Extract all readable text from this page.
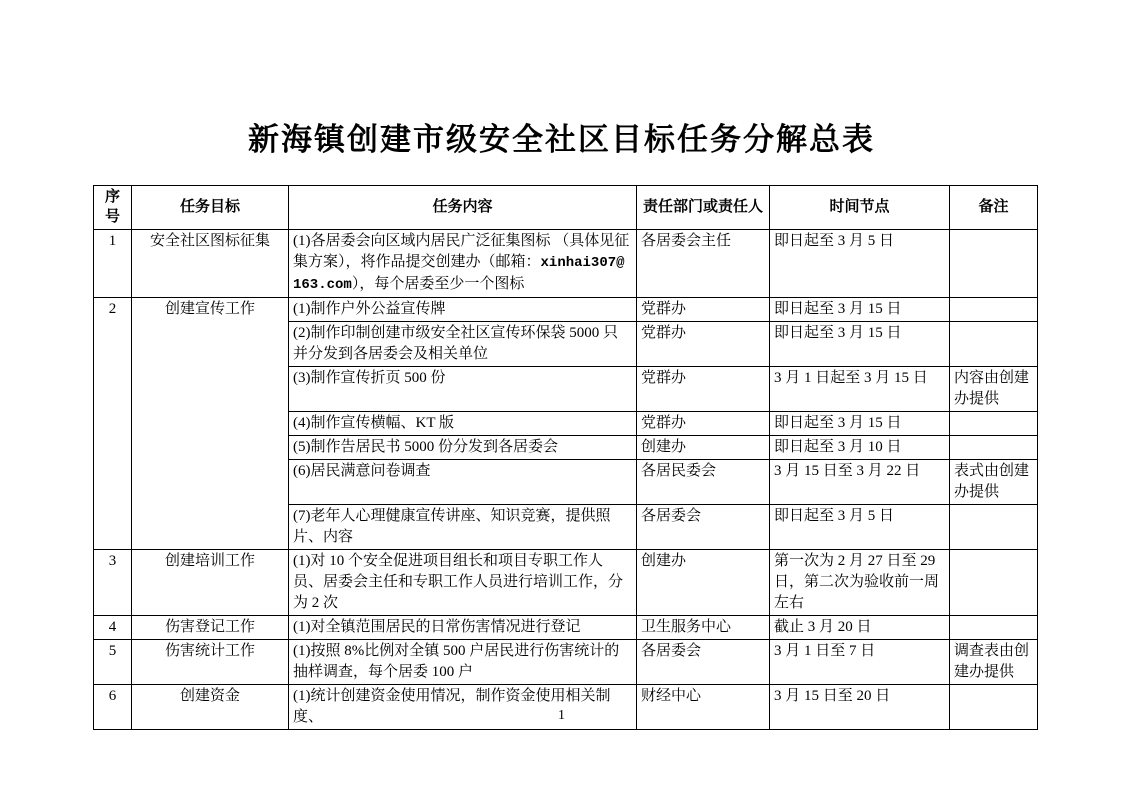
新海镇创建市级安全社区目标任务分解总表
序号	任务目标	任务内容	责任部门或责任人	时间节点	备注
1	安全社区图标征集	(1)各居委会向区域内居民广泛征集图标 （具体见征集方案），将作品提交创建办（邮箱：xinhai307@163.com），每个居委至少一个图标	各居委会主任	即日起至 3 月 5 日	
2	创建宣传工作	(1)制作户外公益宣传牌	党群办	即日起至 3 月 15 日	
		(2)制作印制创建市级安全社区宣传环保袋 5000 只并分发到各居委会及相关单位	党群办	即日起至 3 月 15 日	
		(3)制作宣传折页 500 份	党群办	3 月 1 日起至 3 月 15 日	内容由创建办提供
		(4)制作宣传横幅、KT 版	党群办	即日起至 3 月 15 日	
		(5)制作告居民书 5000 份分发到各居委会	创建办	即日起至 3 月 10 日	
		(6)居民满意问卷调查	各居民委会	3 月 15 日至 3 月 22 日	表式由创建办提供
		(7)老年人心理健康宣传讲座、知识竞赛，提供照片、内容	各居委会	即日起至 3 月 5 日	
3	创建培训工作	(1)对 10 个安全促进项目组长和项目专职工作人员、居委会主任和专职工作人员进行培训工作，分为 2 次	创建办	第一次为 2 月 27 日至 29 日，第二次为验收前一周左右	
4	伤害登记工作	(1)对全镇范围居民的日常伤害情况进行登记	卫生服务中心	截止 3 月 20 日	
5	伤害统计工作	(1)按照 8%比例对全镇 500 户居民进行伤害统计的抽样调查，每个居委 100 户	各居委会	3 月 1 日至 7 日	调查表由创建办提供
6	创建资金	(1)统计创建资金使用情况，制作资金使用相关制度、	财经中心	3 月 15 日至 20 日	
1
